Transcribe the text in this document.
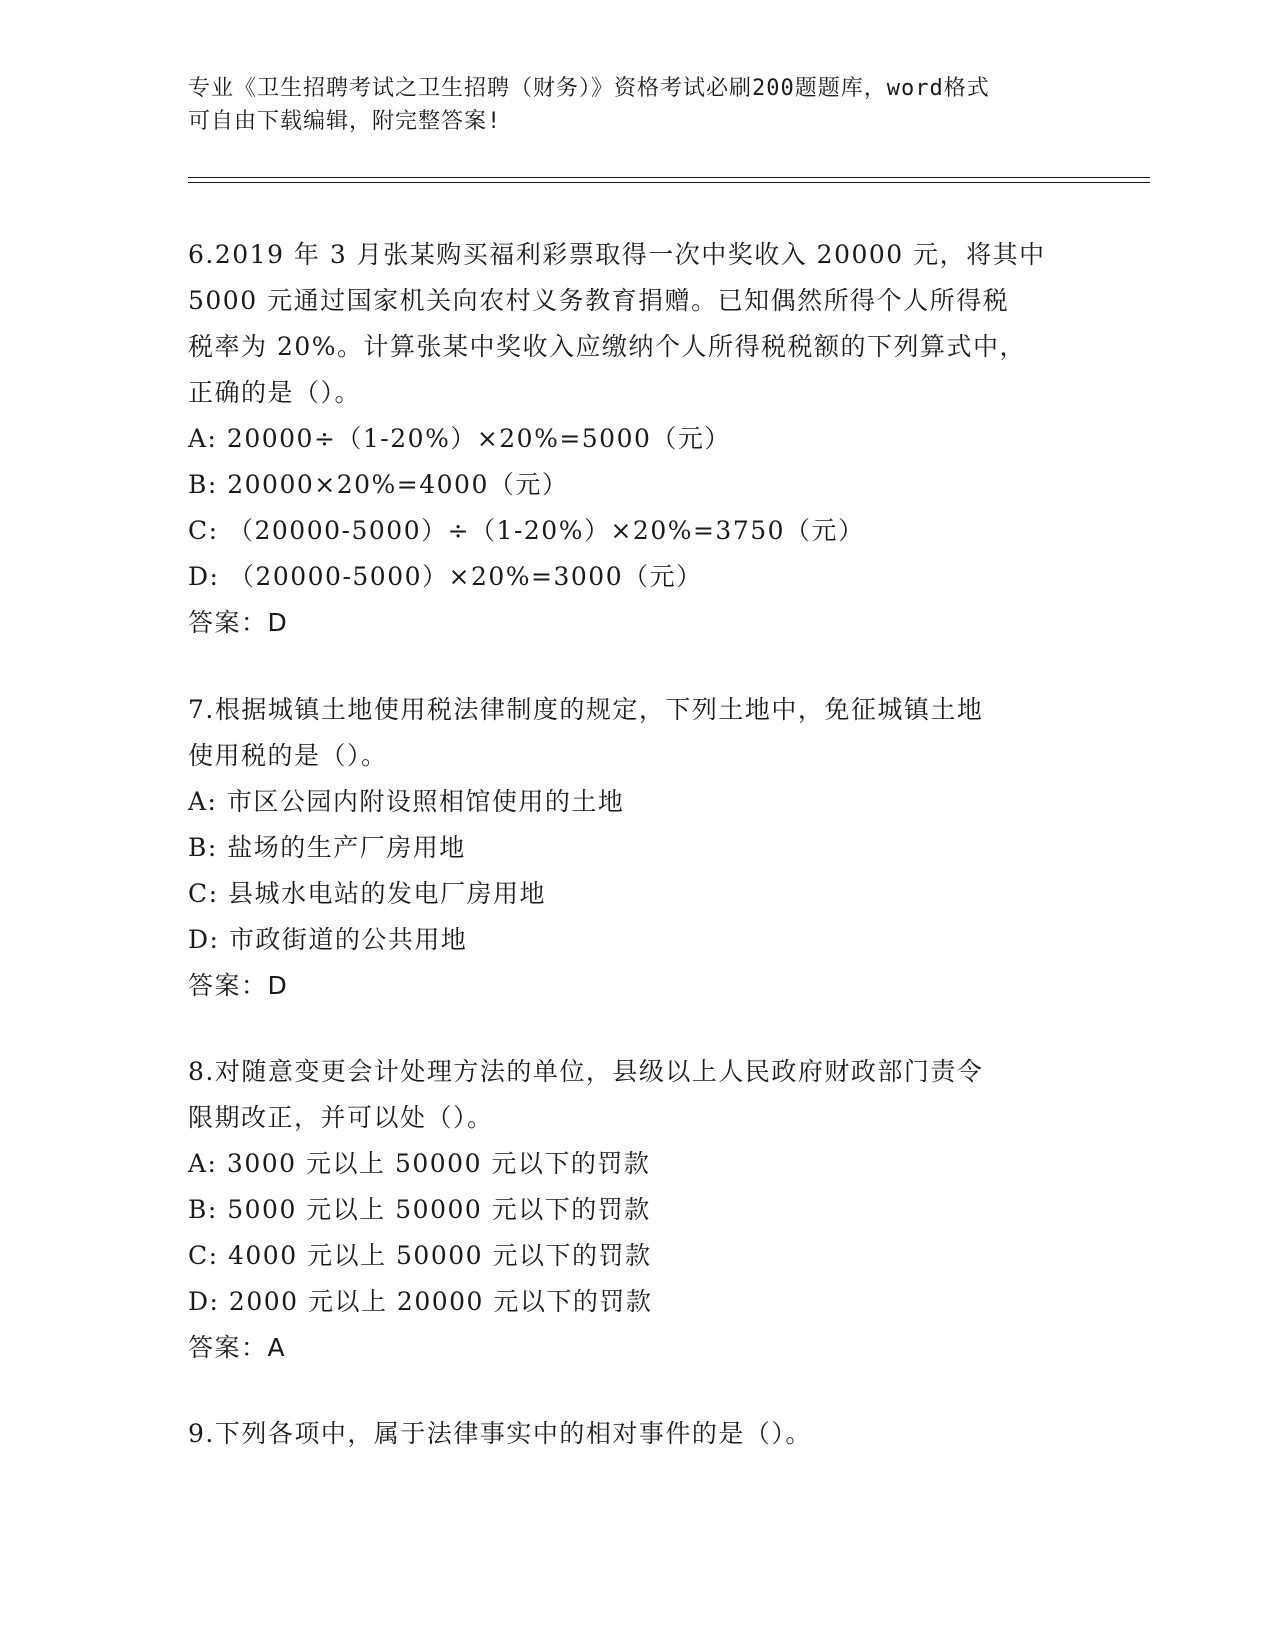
专业《卫生招聘考试之卫生招聘（财务）》资格考试必刷200题题库，word格式
可自由下载编辑，附完整答案!
6.2019 年 3 月张某购买福利彩票取得一次中奖收入 20000 元，将其中
5000 元通过国家机关向农村义务教育捐赠。已知偶然所得个人所得税
税率为 20%。计算张某中奖收入应缴纳个人所得税税额的下列算式中，
正确的是（）。
A: 20000÷（1-20%）×20%=5000（元）
B: 20000×20%=4000（元）
C: （20000-5000）÷（1-20%）×20%=3750（元）
D: （20000-5000）×20%=3000（元）
答案：D
7.根据城镇土地使用税法律制度的规定，下列土地中，免征城镇土地
使用税的是（）。
A: 市区公园内附设照相馆使用的土地
B: 盐场的生产厂房用地
C: 县城水电站的发电厂房用地
D: 市政街道的公共用地
答案：D
8.对随意变更会计处理方法的单位，县级以上人民政府财政部门责令
限期改正，并可以处（）。
A: 3000 元以上 50000 元以下的罚款
B: 5000 元以上 50000 元以下的罚款
C: 4000 元以上 50000 元以下的罚款
D: 2000 元以上 20000 元以下的罚款
答案：A
9.下列各项中，属于法律事实中的相对事件的是（）。
